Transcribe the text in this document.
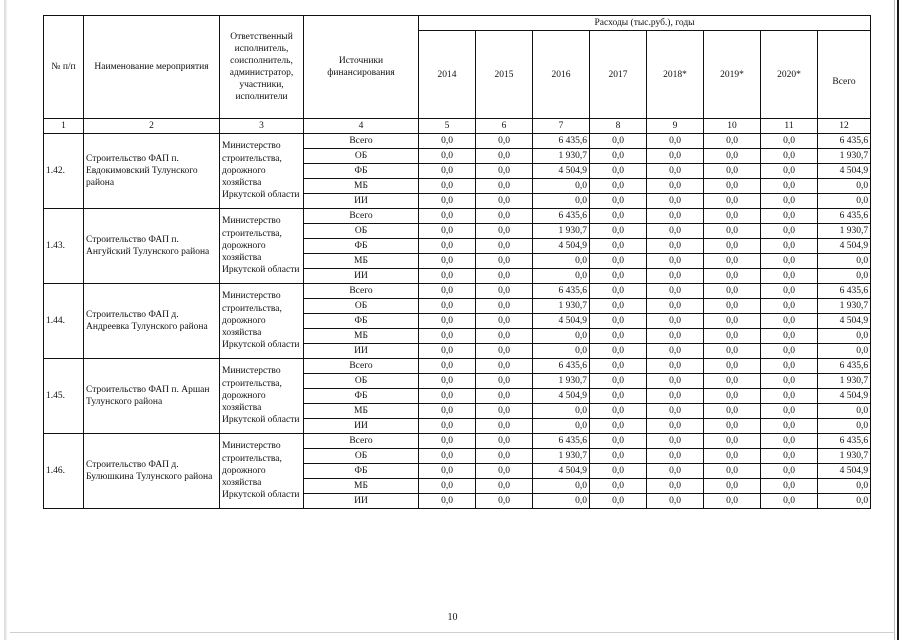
№ п/п	Наименование мероприятия	Ответственный исполнитель, соисполнитель, администратор, участники, исполнители	Источники финансирования	Расходы (тыс.руб.), годы							
				2014	2015	2016	2017	2018*	2019*	2020*	Всего
1	2	3	4	5	6	7	8	9	10	11	12
1.42.	Строительство ФАП п. Евдокимовский Тулунского района	Министерство строительства, дорожного хозяйства Иркутской области	Всего	0,0	0,0	6 435,6	0,0	0,0	0,0	0,0	6 435,6
			ОБ	0,0	0,0	1 930,7	0,0	0,0	0,0	0,0	1 930,7
			ФБ	0,0	0,0	4 504,9	0,0	0,0	0,0	0,0	4 504,9
			МБ	0,0	0,0	0,0	0,0	0,0	0,0	0,0	0,0
			ИИ	0,0	0,0	0,0	0,0	0,0	0,0	0,0	0,0
1.43.	Строительство ФАП п. Ангуйский Тулунского района	Министерство строительства, дорожного хозяйства Иркутской области	Всего	0,0	0,0	6 435,6	0,0	0,0	0,0	0,0	6 435,6
			ОБ	0,0	0,0	1 930,7	0,0	0,0	0,0	0,0	1 930,7
			ФБ	0,0	0,0	4 504,9	0,0	0,0	0,0	0,0	4 504,9
			МБ	0,0	0,0	0,0	0,0	0,0	0,0	0,0	0,0
			ИИ	0,0	0,0	0,0	0,0	0,0	0,0	0,0	0,0
1.44.	Строительство ФАП д. Андреевка Тулунского района	Министерство строительства, дорожного хозяйства Иркутской области	Всего	0,0	0,0	6 435,6	0,0	0,0	0,0	0,0	6 435,6
			ОБ	0,0	0,0	1 930,7	0,0	0,0	0,0	0,0	1 930,7
			ФБ	0,0	0,0	4 504,9	0,0	0,0	0,0	0,0	4 504,9
			МБ	0,0	0,0	0,0	0,0	0,0	0,0	0,0	0,0
			ИИ	0,0	0,0	0,0	0,0	0,0	0,0	0,0	0,0
1.45.	Строительство ФАП п. Аршан Тулунского района	Министерство строительства, дорожного хозяйства Иркутской области	Всего	0,0	0,0	6 435,6	0,0	0,0	0,0	0,0	6 435,6
			ОБ	0,0	0,0	1 930,7	0,0	0,0	0,0	0,0	1 930,7
			ФБ	0,0	0,0	4 504,9	0,0	0,0	0,0	0,0	4 504,9
			МБ	0,0	0,0	0,0	0,0	0,0	0,0	0,0	0,0
			ИИ	0,0	0,0	0,0	0,0	0,0	0,0	0,0	0,0
1.46.	Строительство ФАП д. Булюшкина Тулунского района	Министерство строительства, дорожного хозяйства Иркутской области	Всего	0,0	0,0	6 435,6	0,0	0,0	0,0	0,0	6 435,6
			ОБ	0,0	0,0	1 930,7	0,0	0,0	0,0	0,0	1 930,7
			ФБ	0,0	0,0	4 504,9	0,0	0,0	0,0	0,0	4 504,9
			МБ	0,0	0,0	0,0	0,0	0,0	0,0	0,0	0,0
			ИИ	0,0	0,0	0,0	0,0	0,0	0,0	0,0	0,0
10
